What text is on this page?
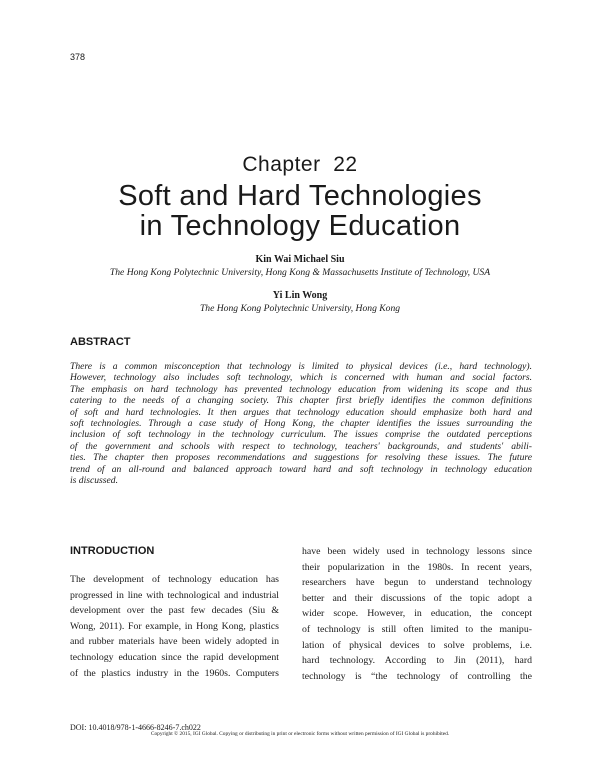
378
Chapter  22
Soft and Hard Technologies
in Technology Education
Kin Wai Michael Siu
The Hong Kong Polytechnic University, Hong Kong & Massachusetts Institute of Technology, USA
Yi Lin Wong
The Hong Kong Polytechnic University, Hong Kong
ABSTRACT
There is a common misconception that technology is limited to physical devices (i.e., hard technology).
However, technology also includes soft technology, which is concerned with human and social factors.
The emphasis on hard technology has prevented technology education from widening its scope and thus
catering to the needs of a changing society. This chapter first briefly identifies the common definitions
of soft and hard technologies. It then argues that technology education should emphasize both hard and
soft technologies. Through a case study of Hong Kong, the chapter identifies the issues surrounding the
inclusion of soft technology in the technology curriculum. The issues comprise the outdated perceptions
of the government and schools with respect to technology, teachers' backgrounds, and students' abili-
ties. The chapter then proposes recommendations and suggestions for resolving these issues. The future
trend of an all-round and balanced approach toward hard and soft technology in technology education
is discussed.
INTRODUCTION
The development of technology education has
progressed in line with technological and industrial
development over the past few decades (Siu &
Wong, 2011). For example, in Hong Kong, plastics
and rubber materials have been widely adopted in
technology education since the rapid development
of the plastics industry in the 1960s. Computers
have been widely used in technology lessons since
their popularization in the 1980s. In recent years,
researchers have begun to understand technology
better and their discussions of the topic adopt a
wider scope. However, in education, the concept
of technology is still often limited to the manipu-
lation of physical devices to solve problems, i.e.
hard technology. According to Jin (2011), hard
technology is “the technology of controlling the
DOI: 10.4018/978-1-4666-8246-7.ch022
Copyright © 2015, IGI Global. Copying or distributing in print or electronic forms without written permission of IGI Global is prohibited.
